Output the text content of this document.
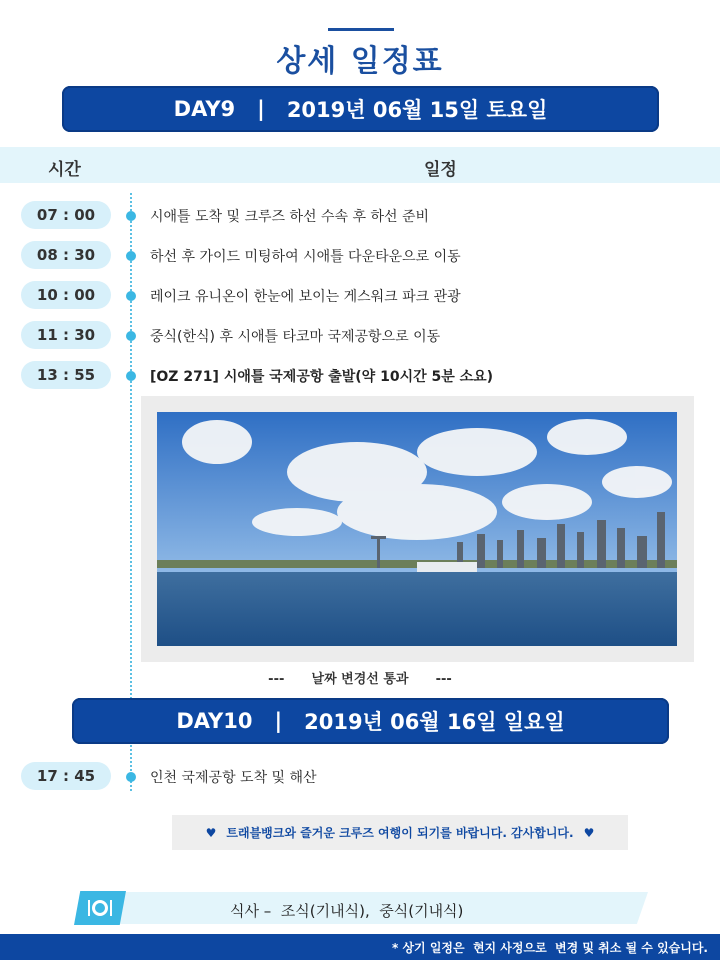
상세 일정표
DAY9 | 2019년 06월 15일 토요일
시간	일정
07 : 00	시애틀 도착 및 크루즈 하선 수속 후 하선 준비
08 : 30	하선 후 가이드 미팅하여 시애틀 다운타운으로 이동
10 : 00	레이크 유니온이 한눈에 보이는 게스워크 파크 관광
11 : 30	중식(한식) 후 시애틀 타코마 국제공항으로 이동
13 : 55	[OZ 271] 시애틀 국제공항 출발(약 10시간 5분 소요)
---      날짜 변경선 통과      ---
DAY10 | 2019년 06월 16일 일요일
17 : 45	인천 국제공항 도착 및 해산
♥ 트래블뱅크와 즐거운 크루즈 여행이 되기를 바랍니다. 감사합니다. ♥
식사 –  조식(기내식),  중식(기내식)
* 상기 일정은  현지 사정으로  변경 및 취소 될 수 있습니다.
